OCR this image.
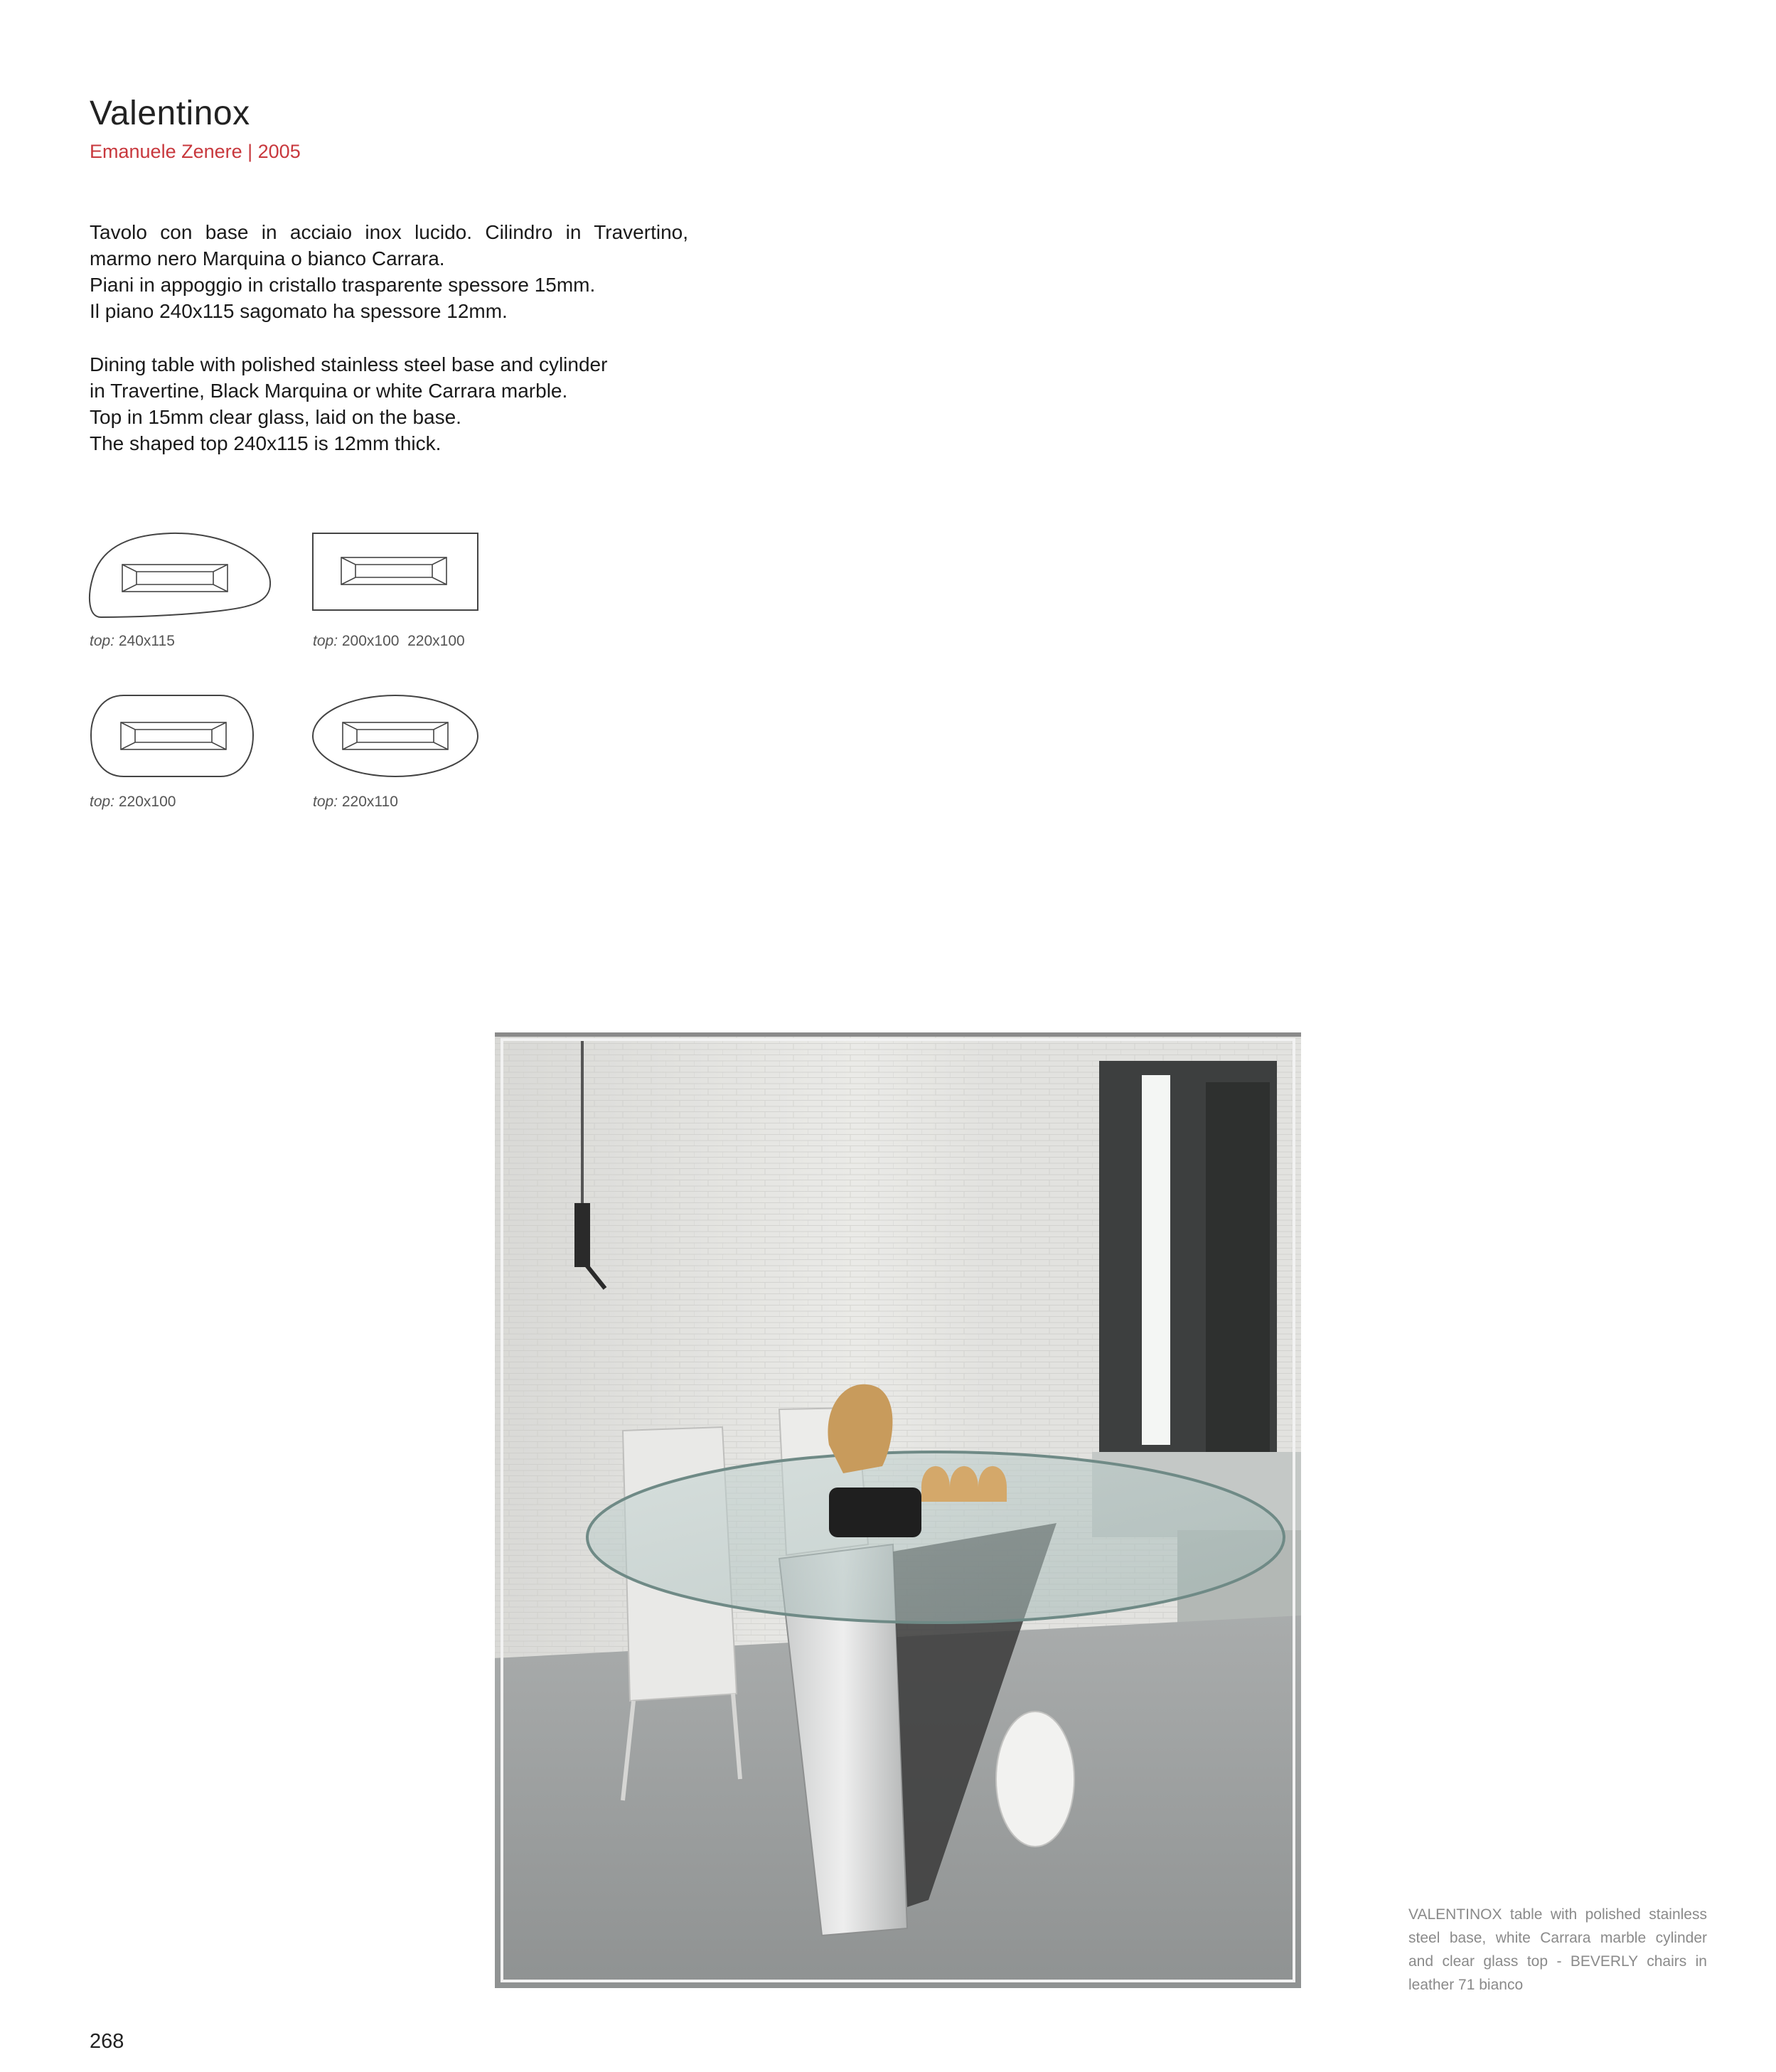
Valentinox
Emanuele Zenere | 2005
Tavolo con base in acciaio inox lucido. Cilindro in Travertino,
marmo nero Marquina o bianco Carrara.
Piani in appoggio in cristallo trasparente spessore 15mm.
Il piano 240x115 sagomato ha spessore 12mm.
Dining table with polished stainless steel base and cylinder
in Travertine, Black Marquina or white Carrara marble.
Top in 15mm clear glass, laid on the base.
The shaped top 240x115 is 12mm thick.
top: 240x115	top: 200x100  220x100
top: 220x100	top: 220x110
VALENTINOX table with polished stainless
steel base, white Carrara marble cylinder
and clear glass top - BEVERLY chairs in
leather 71 bianco
268
